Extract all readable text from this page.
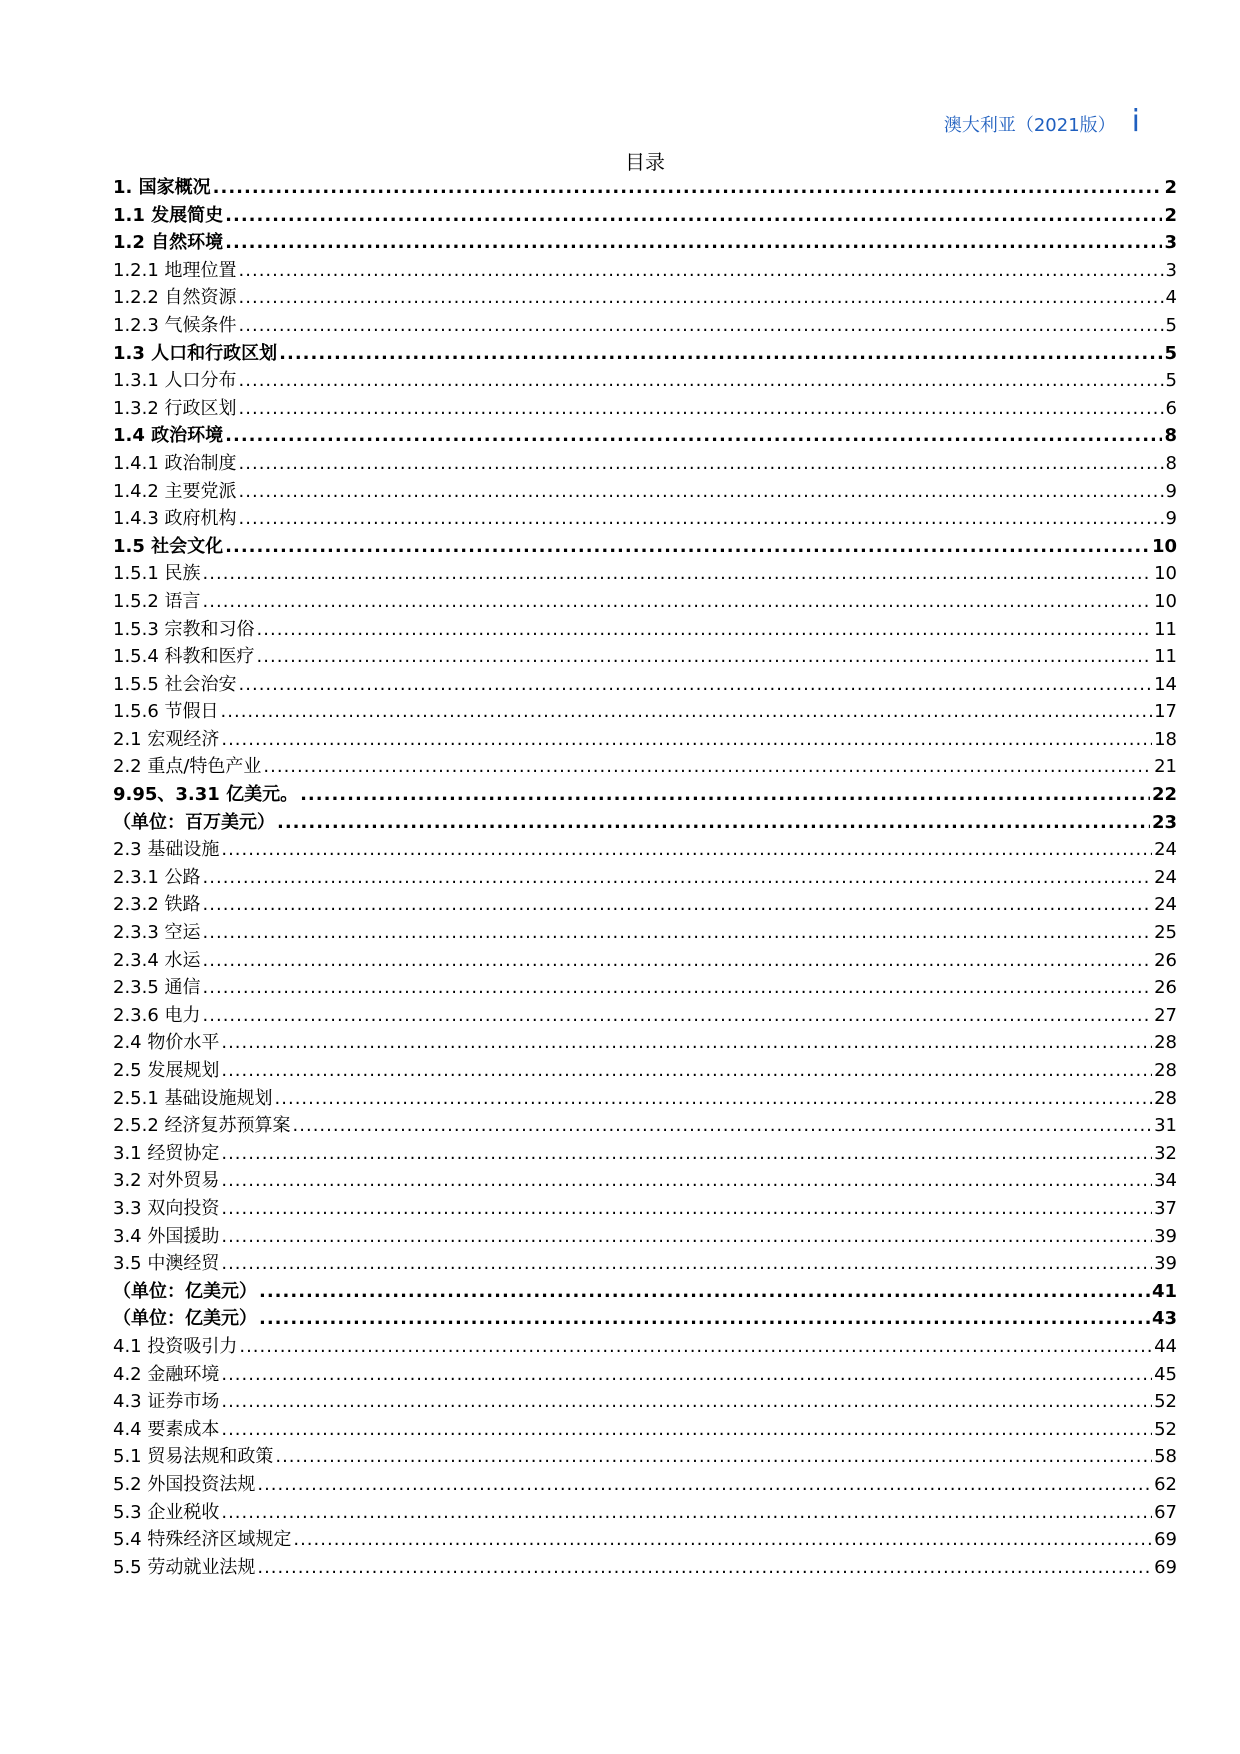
澳大利亚（2021版） i
目录
1. 国家概况 .....	2
1.1 发展简史 .....	2
1.2 自然环境 .....	3
1.2.1 地理位置 .....	3
1.2.2 自然资源 .....	4
1.2.3 气候条件 .....	5
1.3 人口和行政区划 .....	5
1.3.1 人口分布 .....	5
1.3.2 行政区划 .....	6
1.4 政治环境 .....	8
1.4.1 政治制度 .....	8
1.4.2 主要党派 .....	9
1.4.3 政府机构 .....	9
1.5 社会文化 .....	10
1.5.1 民族 .....	10
1.5.2 语言 .....	10
1.5.3 宗教和习俗 .....	11
1.5.4 科教和医疗 .....	11
1.5.5 社会治安 .....	14
1.5.6 节假日 .....	17
2.1 宏观经济 .....	18
2.2 重点/特色产业 .....	21
9.95、3.31 亿美元。 .....	22
（单位：百万美元） .....	23
2.3 基础设施 .....	24
2.3.1 公路 .....	24
2.3.2 铁路 .....	24
2.3.3 空运 .....	25
2.3.4 水运 .....	26
2.3.5 通信 .....	26
2.3.6 电力 .....	27
2.4 物价水平 .....	28
2.5 发展规划 .....	28
2.5.1 基础设施规划 .....	28
2.5.2 经济复苏预算案 .....	31
3.1 经贸协定 .....	32
3.2 对外贸易 .....	34
3.3 双向投资 .....	37
3.4 外国援助 .....	39
3.5 中澳经贸 .....	39
（单位：亿美元） .....	41
（单位：亿美元） .....	43
4.1 投资吸引力 .....	44
4.2 金融环境 .....	45
4.3 证券市场 .....	52
4.4 要素成本 .....	52
5.1 贸易法规和政策 .....	58
5.2 外国投资法规 .....	62
5.3 企业税收 .....	67
5.4 特殊经济区域规定 .....	69
5.5 劳动就业法规 .....	69
